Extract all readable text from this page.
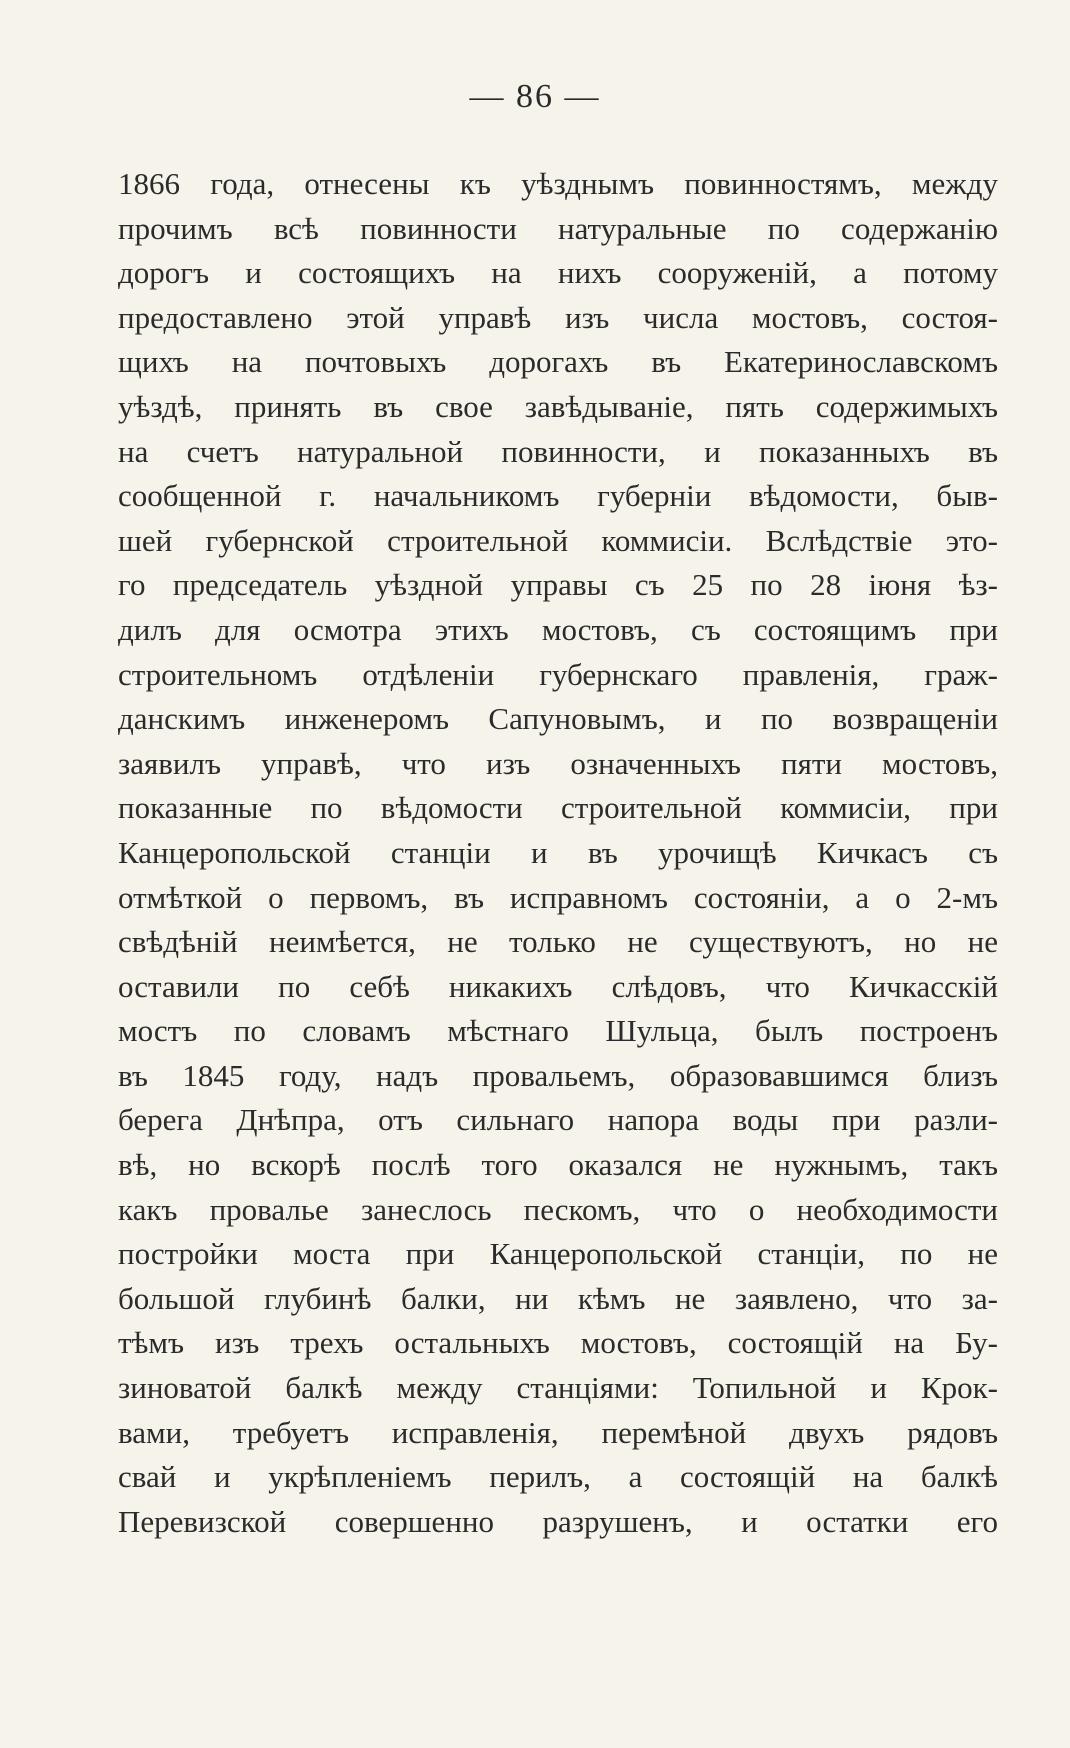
— 86 —
1866 года, отнесены къ уѣзднымъ повинностямъ, между
прочимъ всѣ повинности натуральные по содержанію
дорогъ и состоящихъ на нихъ сооруженій, а потому
предоставлено этой управѣ изъ числа мостовъ, состоя-
щихъ на почтовыхъ дорогахъ въ Екатеринославскомъ
уѣздѣ, принять въ свое завѣдываніе, пять содержимыхъ
на счетъ натуральной повинности, и показанныхъ въ
сообщенной г. начальникомъ губерніи вѣдомости, быв-
шей губернской строительной коммисіи. Вслѣдствіе это-
го председатель уѣздной управы съ 25 по 28 іюня ѣз-
дилъ для осмотра этихъ мостовъ, съ состоящимъ при
строительномъ отдѣленіи губернскаго правленія, граж-
данскимъ инженеромъ Сапуновымъ, и по возвращеніи
заявилъ управѣ, что изъ означенныхъ пяти мостовъ,
показанные по вѣдомости строительной коммисіи, при
Канцеропольской станціи и въ урочищѣ Кичкасъ съ
отмѣткой о первомъ, въ исправномъ состояніи, а о 2-мъ
свѣдѣній неимѣется, не только не существуютъ, но не
оставили по себѣ никакихъ слѣдовъ, что Кичкасскій
мостъ по словамъ мѣстнаго Шульца, былъ построенъ
въ 1845 году, надъ провальемъ, образовавшимся близъ
берега Днѣпра, отъ сильнаго напора воды при разли-
вѣ, но вскорѣ послѣ того оказался не нужнымъ, такъ
какъ провалье занеслось пескомъ, что о необходимости
постройки моста при Канцеропольской станціи, по не
большой глубинѣ балки, ни кѣмъ не заявлено, что за-
тѣмъ изъ трехъ остальныхъ мостовъ, состоящій на Бу-
зиноватой балкѣ между станціями: Топильной и Крок-
вами, требуетъ исправленія, перемѣной двухъ рядовъ
свай и укрѣпленіемъ перилъ, а состоящій на балкѣ
Перевизской совершенно разрушенъ, и остатки его
